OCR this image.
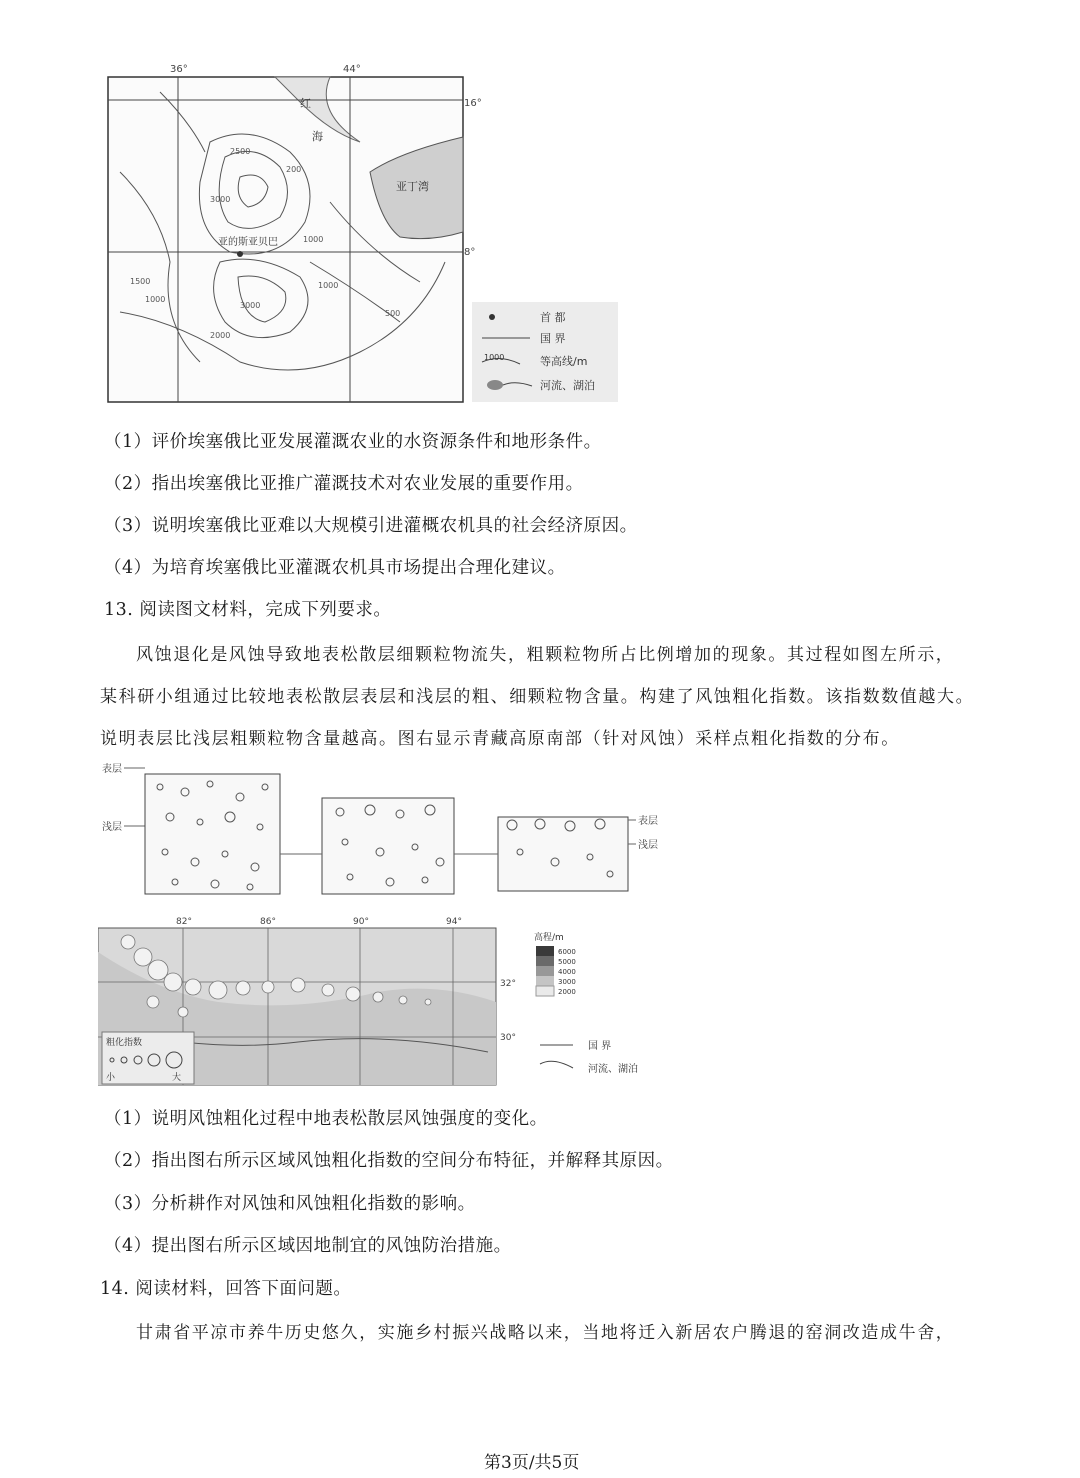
36°	44°
16°
8°
红
海
亚丁湾
亚的斯亚贝巴
2500
200
3000
1000
1500
1000
3000
1000
2000
500	首 都
国 界
1000	等高线/m
河流、湖泊
（1）评价埃塞俄比亚发展灌溉农业的水资源条件和地形条件。
（2）指出埃塞俄比亚推广灌溉技术对农业发展的重要作用。
（3）说明埃塞俄比亚难以大规模引进灌概农机具的社会经济原因。
（4）为培育埃塞俄比亚灌溉农机具市场提出合理化建议。
13. 阅读图文材料，完成下列要求。
风蚀退化是风蚀导致地表松散层细颗粒物流失，粗颗粒物所占比例增加的现象。其过程如图左所示，
某科研小组通过比较地表松散层表层和浅层的粗、细颗粒物含量。构建了风蚀粗化指数。该指数数值越大。
说明表层比浅层粗颗粒物含量越高。图右显示青藏高原南部（针对风蚀）采样点粗化指数的分布。
表层
浅层
表层
浅层
82°	86°	90°	94°
32°
30°
粗化指数
小	大
高程/m
6000
5000
4000
3000
2000
国 界
河流、湖泊
（1）说明风蚀粗化过程中地表松散层风蚀强度的变化。
（2）指出图右所示区域风蚀粗化指数的空间分布特征，并解释其原因。
（3）分析耕作对风蚀和风蚀粗化指数的影响。
（4）提出图右所示区域因地制宜的风蚀防治措施。
14. 阅读材料，回答下面问题。
甘肃省平凉市养牛历史悠久，实施乡村振兴战略以来，当地将迁入新居农户腾退的窑洞改造成牛舍，
第3页/共5页
